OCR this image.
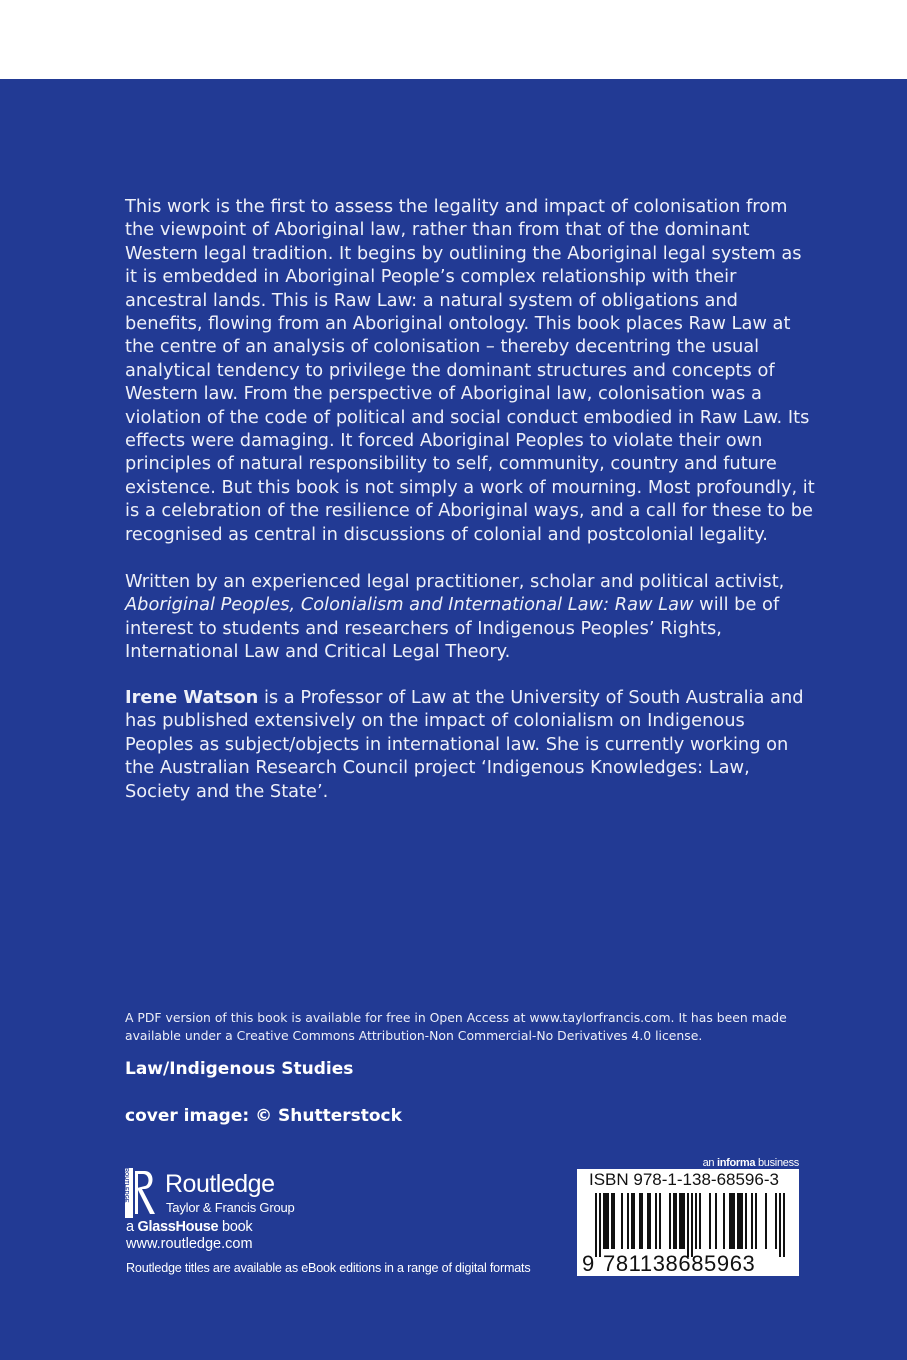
This work is the first to assess the legality and impact of colonisation from the viewpoint of Aboriginal law, rather than from that of the dominant Western legal tradition. It begins by outlining the Aboriginal legal system as it is embedded in Aboriginal People’s complex relationship with their ancestral lands. This is Raw Law: a natural system of obligations and benefits, flowing from an Aboriginal ontology. This book places Raw Law at the centre of an analysis of colonisation – thereby decentring the usual analytical tendency to privilege the dominant structures and concepts of Western law. From the perspective of Aboriginal law, colonisation was a violation of the code of political and social conduct embodied in Raw Law. Its effects were damaging. It forced Aboriginal Peoples to violate their own principles of natural responsibility to self, community, country and future existence. But this book is not simply a work of mourning. Most profoundly, it is a celebration of the resilience of Aboriginal ways, and a call for these to be recognised as central in discussions of colonial and postcolonial legality.

Written by an experienced legal practitioner, scholar and political activist, Aboriginal Peoples, Colonialism and International Law: Raw Law will be of interest to students and researchers of Indigenous Peoples’ Rights, International Law and Critical Legal Theory.

Irene Watson is a Professor of Law at the University of South Australia and has published extensively on the impact of colonialism on Indigenous Peoples as subject/objects in international law. She is currently working on the Australian Research Council project ‘Indigenous Knowledges: Law, Society and the State’.

A PDF version of this book is available for free in Open Access at www.taylorfrancis.com. It has been made available under a Creative Commons Attribution-Non Commercial-No Derivatives 4.0 license.
Law/Indigenous Studies
cover image: © Shutterstock
ROUTLEDGE Routledge
Taylor & Francis Group
a GlassHouse book
www.routledge.com
Routledge titles are available as eBook editions in a range of digital formats
an informa business
ISBN 978-1-138-68596-3
9 781138685963
